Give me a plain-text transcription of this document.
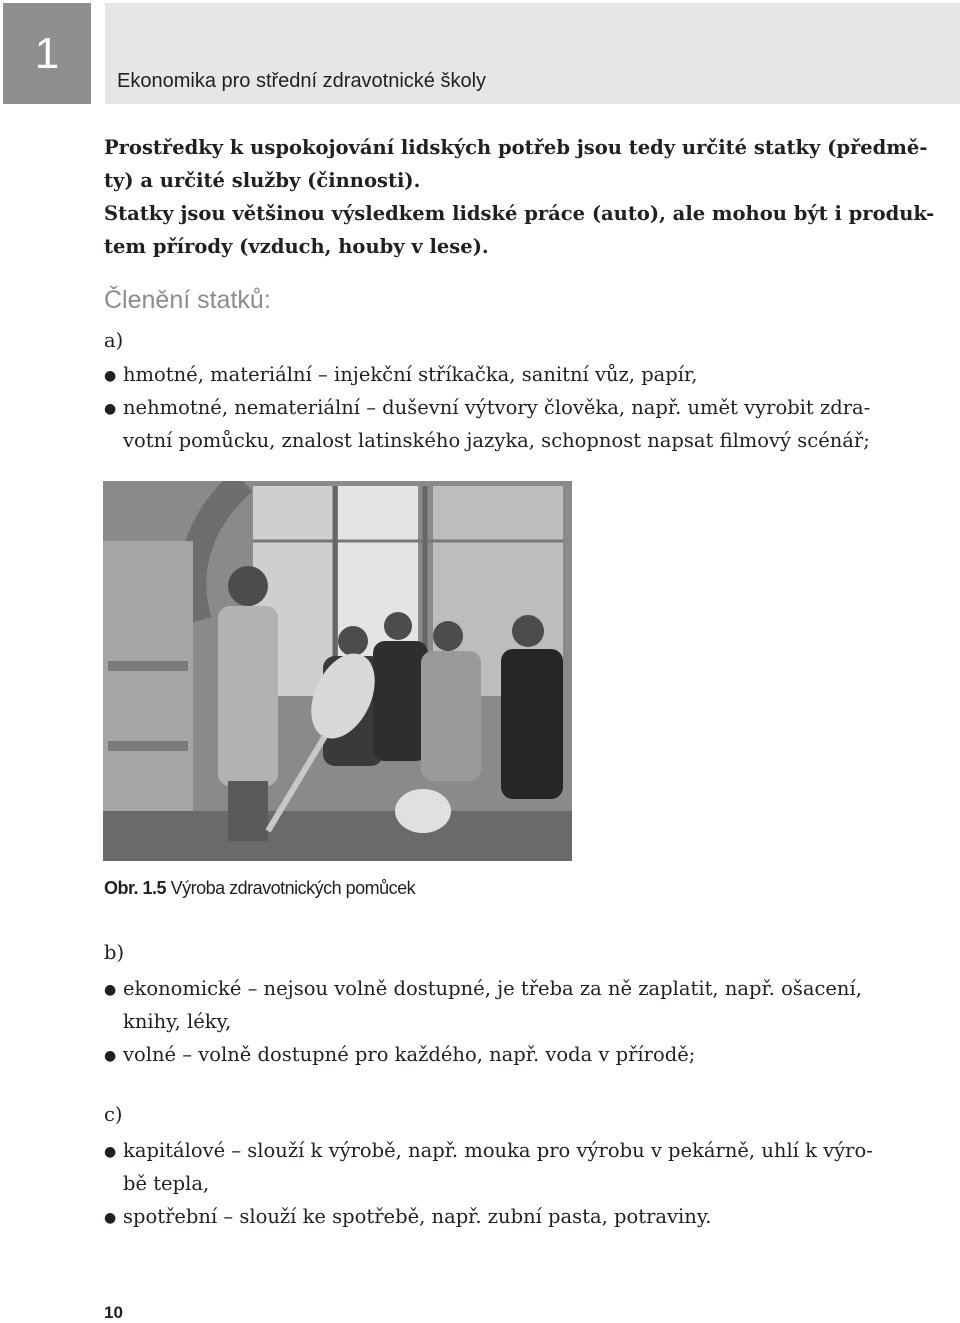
1
Ekonomika pro střední zdravotnické školy
Prostředky k uspokojování lidských potřeb jsou tedy určité statky (předmě-
ty) a určité služby (činnosti).
Statky jsou většinou výsledkem lidské práce (auto), ale mohou být i produk-
tem přírody (vzduch, houby v lese).
Členění statků:
a)
● hmotné, materiální – injekční stříkačka, sanitní vůz, papír,
● nehmotné, nemateriální – duševní výtvory člověka, např. umět vyrobit zdra-
votní pomůcku, znalost latinského jazyka, schopnost napsat filmový scénář;
Obr. 1.5 Výroba zdravotnických pomůcek
b)
● ekonomické – nejsou volně dostupné, je třeba za ně zaplatit, např. ošacení,
knihy, léky,
● volné – volně dostupné pro každého, např. voda v přírodě;
c)
● kapitálové – slouží k výrobě, např. mouka pro výrobu v pekárně, uhlí k výro-
bě tepla,
● spotřební – slouží ke spotřebě, např. zubní pasta, potraviny.
10
